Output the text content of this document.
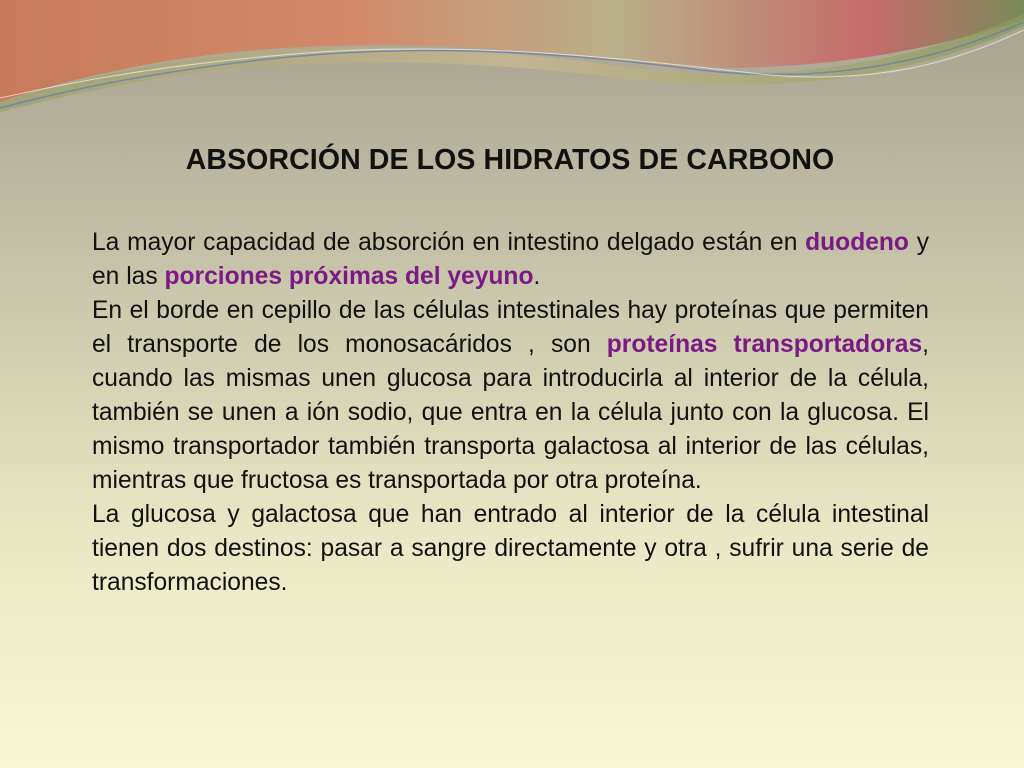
ABSORCIÓN DE LOS HIDRATOS DE CARBONO

La mayor capacidad de absorción en intestino delgado están en duodeno y en las porciones próximas del yeyuno.

En el borde en cepillo de las células intestinales hay proteínas que permiten el transporte de los monosacáridos , son proteínas transportadoras, cuando las mismas unen glucosa para introducirla al interior de la célula, también se unen a ión sodio, que entra en la célula junto con la glucosa. El mismo transportador también transporta galactosa al interior de las células, mientras que fructosa es transportada por otra proteína.

La glucosa y galactosa que han entrado al interior de la célula intestinal tienen dos destinos: pasar a sangre directamente y otra , sufrir una serie de transformaciones.
